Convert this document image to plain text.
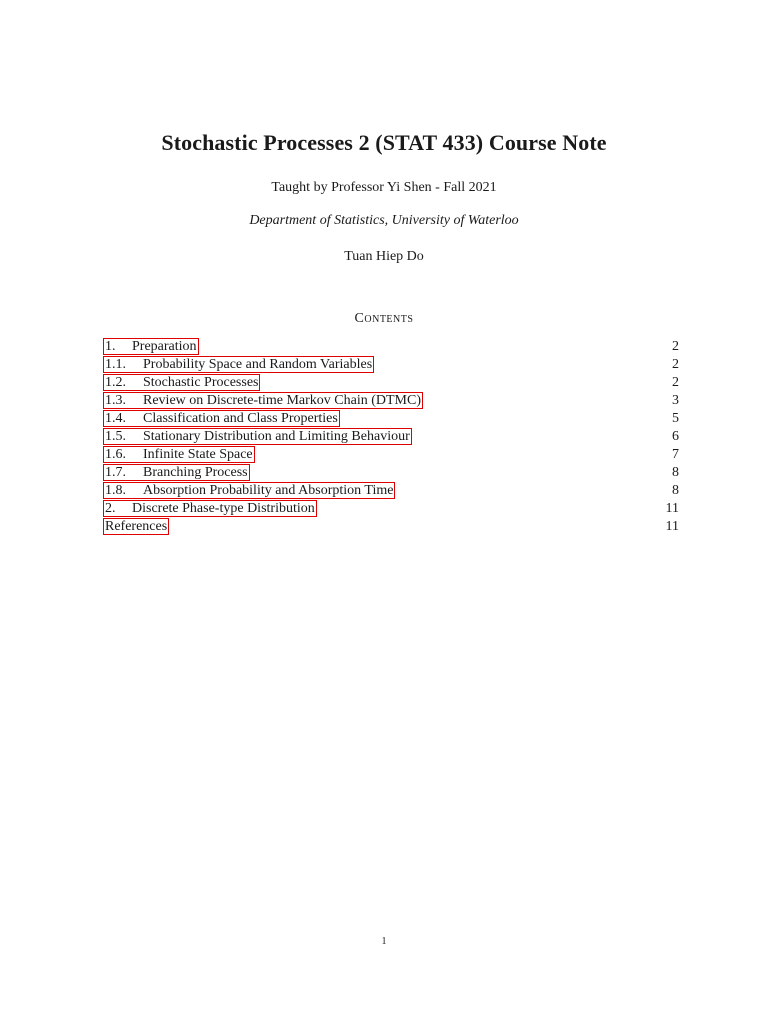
Stochastic Processes 2 (STAT 433) Course Note
Taught by Professor Yi Shen - Fall 2021
Department of Statistics, University of Waterloo
Tuan Hiep Do
Contents
1. Preparation	2
1.1. Probability Space and Random Variables	2
1.2. Stochastic Processes	2
1.3. Review on Discrete-time Markov Chain (DTMC)	3
1.4. Classification and Class Properties	5
1.5. Stationary Distribution and Limiting Behaviour	6
1.6. Infinite State Space	7
1.7. Branching Process	8
1.8. Absorption Probability and Absorption Time	8
2. Discrete Phase-type Distribution	11
References	11
1
